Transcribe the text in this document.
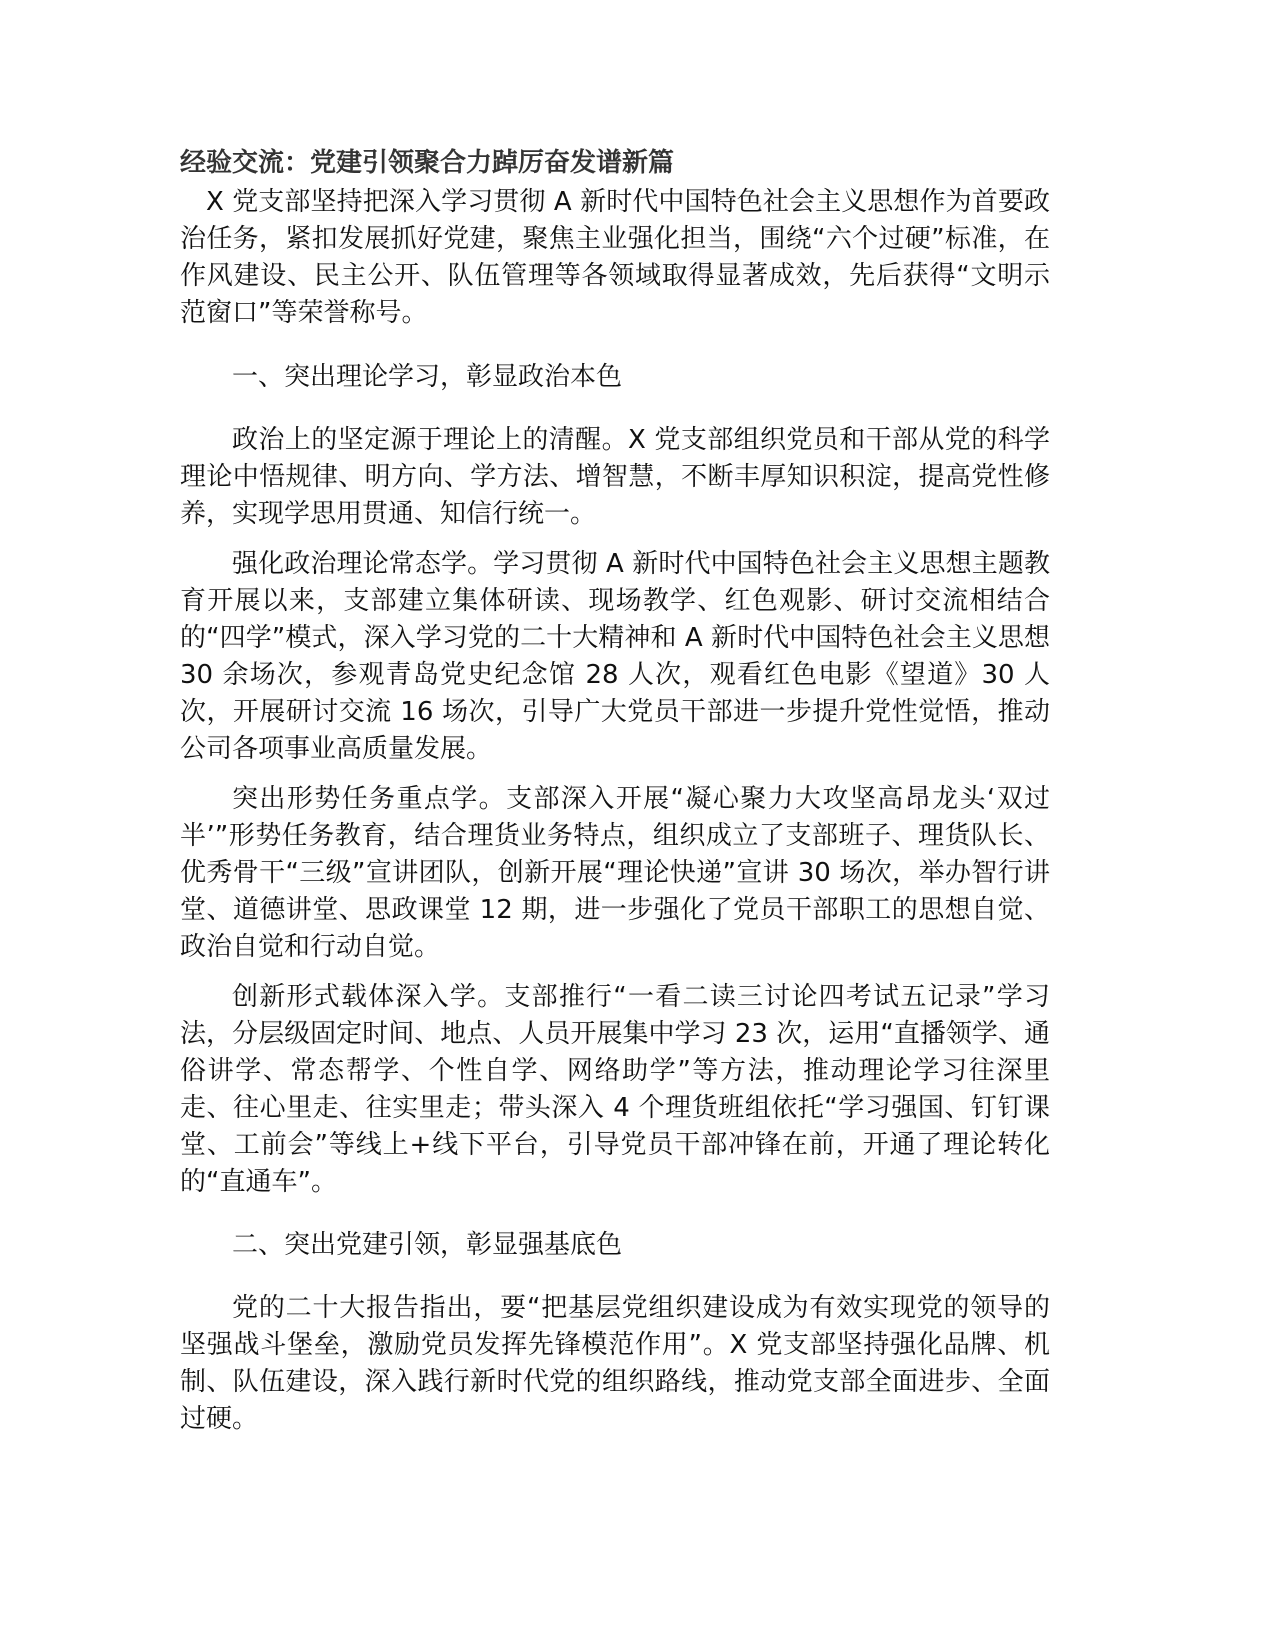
经验交流：党建引领聚合力踔厉奋发谱新篇

X 党支部坚持把深入学习贯彻 A 新时代中国特色社会主义思想作为首要政治任务，紧扣发展抓好党建，聚焦主业强化担当，围绕“六个过硬”标准，在作风建设、民主公开、队伍管理等各领域取得显著成效，先后获得“文明示范窗口”等荣誉称号。

一、突出理论学习，彰显政治本色

政治上的坚定源于理论上的清醒。X 党支部组织党员和干部从党的科学理论中悟规律、明方向、学方法、增智慧，不断丰厚知识积淀，提高党性修养，实现学思用贯通、知信行统一。

强化政治理论常态学。学习贯彻 A 新时代中国特色社会主义思想主题教育开展以来，支部建立集体研读、现场教学、红色观影、研讨交流相结合的“四学”模式，深入学习党的二十大精神和 A 新时代中国特色社会主义思想 30 余场次，参观青岛党史纪念馆 28 人次，观看红色电影《望道》30 人次，开展研讨交流 16 场次，引导广大党员干部进一步提升党性觉悟，推动公司各项事业高质量发展。

突出形势任务重点学。支部深入开展“凝心聚力大攻坚高昂龙头‘双过半’”形势任务教育，结合理货业务特点，组织成立了支部班子、理货队长、优秀骨干“三级”宣讲团队，创新开展“理论快递”宣讲 30 场次，举办智行讲堂、道德讲堂、思政课堂 12 期，进一步强化了党员干部职工的思想自觉、政治自觉和行动自觉。

创新形式载体深入学。支部推行“一看二读三讨论四考试五记录”学习法，分层级固定时间、地点、人员开展集中学习 23 次，运用“直播领学、通俗讲学、常态帮学、个性自学、网络助学”等方法，推动理论学习往深里走、往心里走、往实里走；带头深入 4 个理货班组依托“学习强国、钉钉课堂、工前会”等线上+线下平台，引导党员干部冲锋在前，开通了理论转化的“直通车”。

二、突出党建引领，彰显强基底色

党的二十大报告指出，要“把基层党组织建设成为有效实现党的领导的坚强战斗堡垒，激励党员发挥先锋模范作用”。X 党支部坚持强化品牌、机制、队伍建设，深入践行新时代党的组织路线，推动党支部全面进步、全面过硬。
